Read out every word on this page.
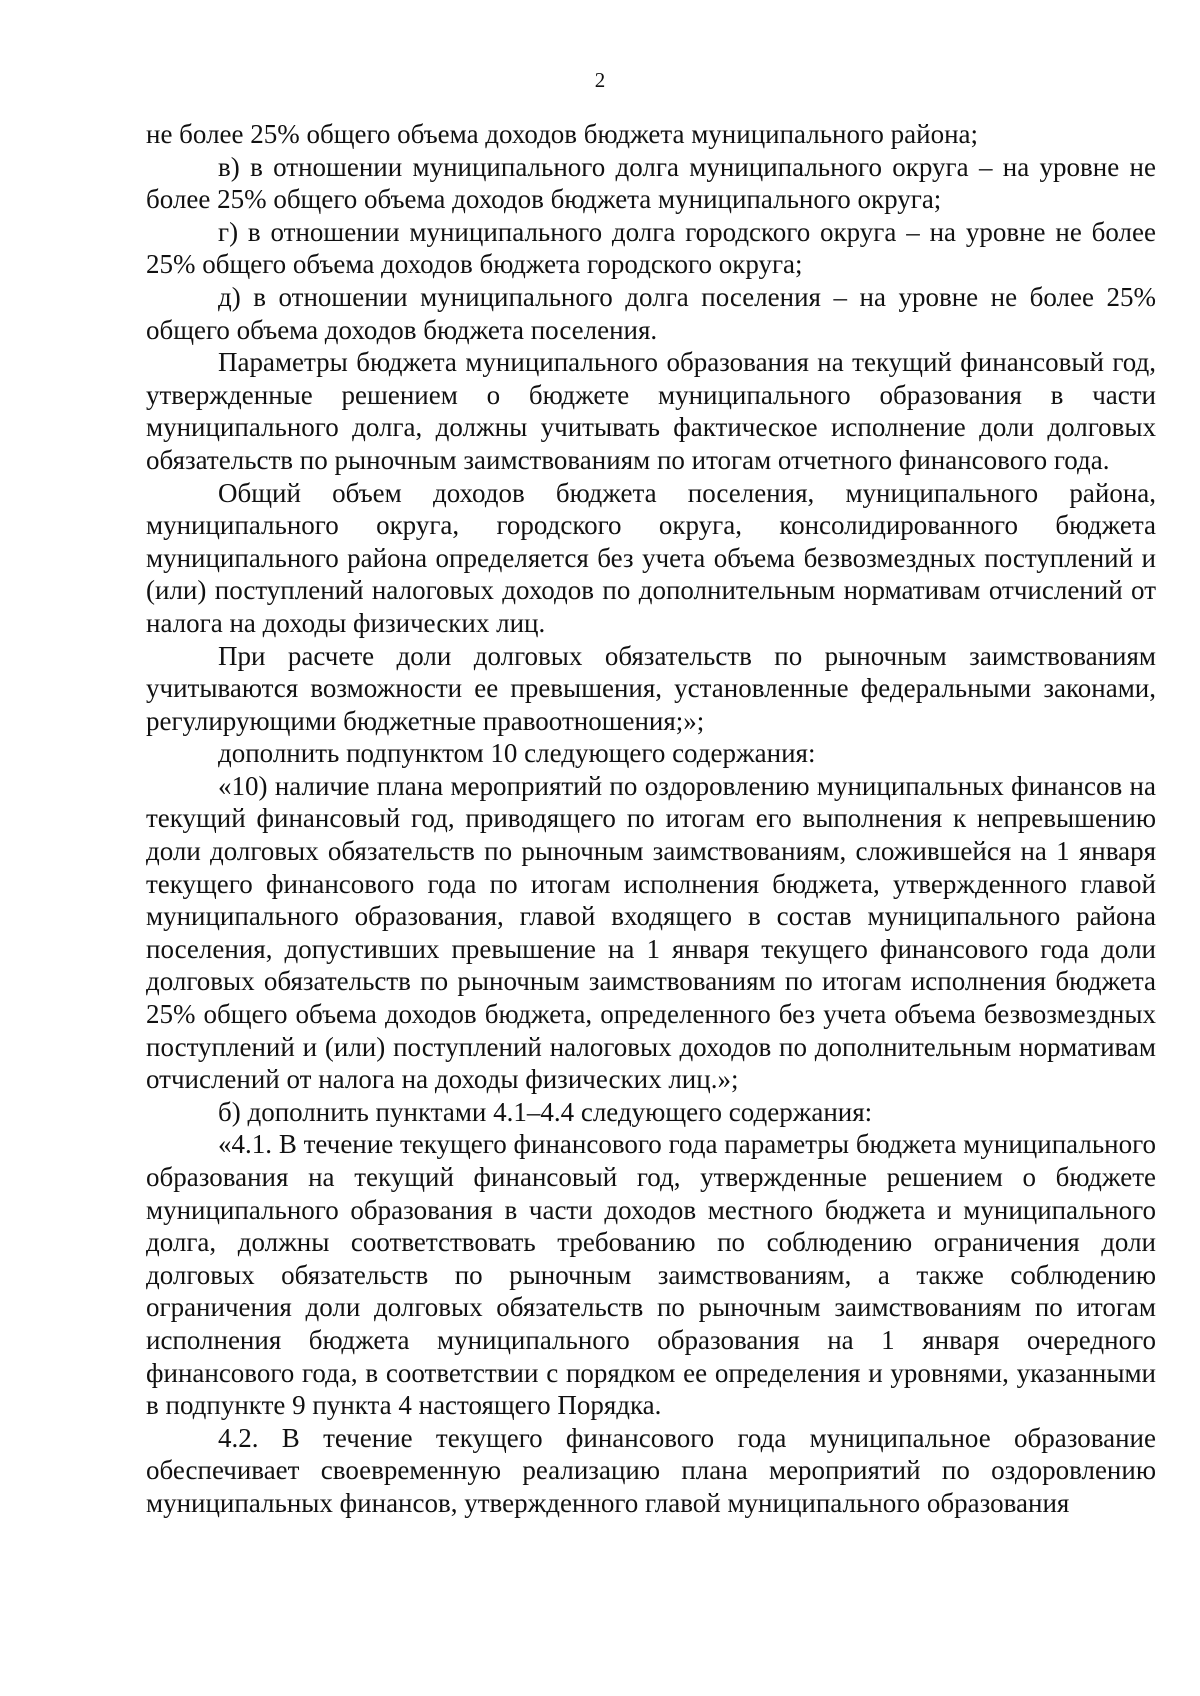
2

не более 25% общего объема доходов бюджета муниципального района;

в) в отношении муниципального долга муниципального округа – на уровне не более 25% общего объема доходов бюджета муниципального округа;

г) в отношении муниципального долга городского округа – на уровне не более 25% общего объема доходов бюджета городского округа;

д) в отношении муниципального долга поселения – на уровне не более 25% общего объема доходов бюджета поселения.

Параметры бюджета муниципального образования на текущий финансовый год, утвержденные решением о бюджете муниципального образования в части муниципального долга, должны учитывать фактическое исполнение доли долговых обязательств по рыночным заимствованиям по итогам отчетного финансового года.

Общий объем доходов бюджета поселения, муниципального района, муниципального округа, городского округа, консолидированного бюджета муниципального района определяется без учета объема безвозмездных поступлений и (или) поступлений налоговых доходов по дополнительным нормативам отчислений от налога на доходы физических лиц.

При расчете доли долговых обязательств по рыночным заимствованиям учитываются возможности ее превышения, установленные федеральными законами, регулирующими бюджетные правоотношения;»;

дополнить подпунктом 10 следующего содержания:

«10) наличие плана мероприятий по оздоровлению муниципальных финансов на текущий финансовый год, приводящего по итогам его выполнения к непревышению доли долговых обязательств по рыночным заимствованиям, сложившейся на 1 января текущего финансового года по итогам исполнения бюджета, утвержденного главой муниципального образования, главой входящего в состав муниципального района поселения, допустивших превышение на 1 января текущего финансового года доли долговых обязательств по рыночным заимствованиям по итогам исполнения бюджета 25% общего объема доходов бюджета, определенного без учета объема безвозмездных поступлений и (или) поступлений налоговых доходов по дополнительным нормативам отчислений от налога на доходы физических лиц.»;

б) дополнить пунктами 4.1–4.4 следующего содержания:

«4.1. В течение текущего финансового года параметры бюджета муниципального образования на текущий финансовый год, утвержденные решением о бюджете муниципального образования в части доходов местного бюджета и муниципального долга, должны соответствовать требованию по соблюдению ограничения доли долговых обязательств по рыночным заимствованиям, а также соблюдению ограничения доли долговых обязательств по рыночным заимствованиям по итогам исполнения бюджета муниципального образования на 1 января очередного финансового года, в соответствии с порядком ее определения и уровнями, указанными в подпункте 9 пункта 4 настоящего Порядка.

4.2. В течение текущего финансового года муниципальное образование обеспечивает своевременную реализацию плана мероприятий по оздоровлению муниципальных финансов, утвержденного главой муниципального образования
